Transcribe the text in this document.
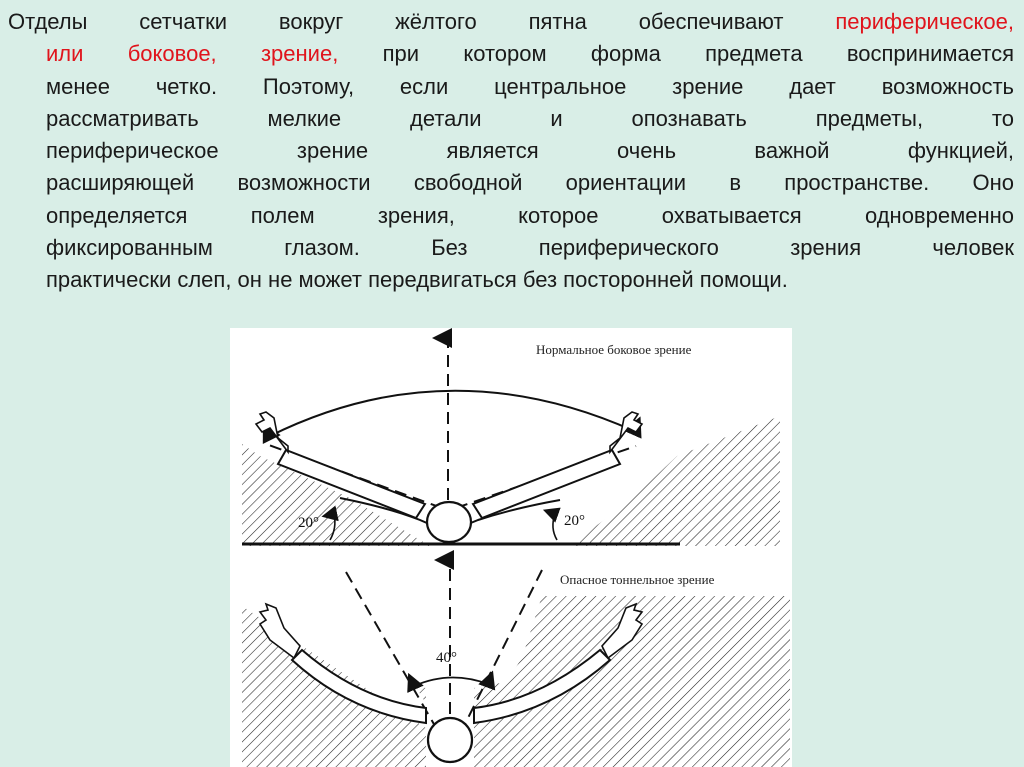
Отделы сетчатки вокруг жёлтого пятна обеспечивают периферическое,
или боковое, зрение, при котором форма предмета воспринимается
менее четко. Поэтому, если центральное зрение дает возможность
рассматривать мелкие детали и опознавать предметы, то
периферическое зрение является очень важной функцией,
расширяющей возможности свободной ориентации в пространстве. Оно
определяется полем зрения, которое охватывается одновременно
фиксированным глазом. Без периферического зрения человек
практически слеп, он не может передвигаться без посторонней помощи.

20°	20°
Нормальное боковое зрение
40°
Опасное тоннельное зрение
